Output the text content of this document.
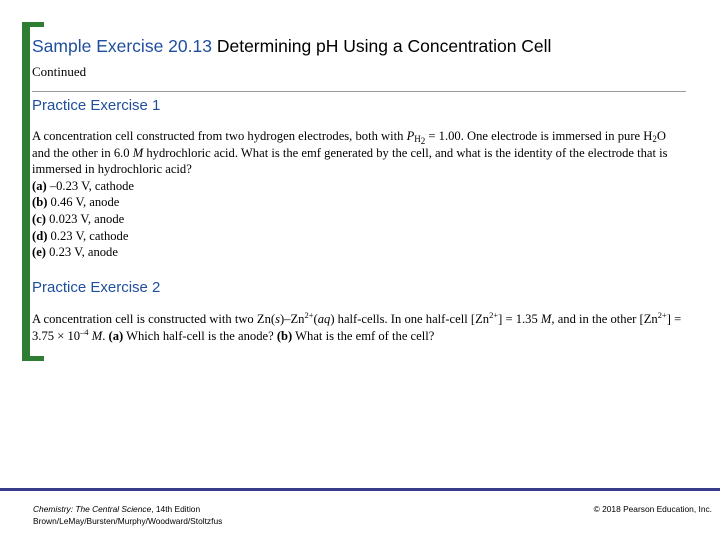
Sample Exercise 20.13 Determining pH Using a Concentration Cell
Continued
Practice Exercise 1

A concentration cell constructed from two hydrogen electrodes, both with $P_{H_2} = 1.00$. One electrode is immersed in pure $H_2O$ and the other in 6.0 M hydrochloric acid. What is the emf generated by the cell, and what is the identity of the electrode that is immersed in hydrochloric acid?

(a) –0.23 V, cathode

(b) 0.46 V, anode

(c) 0.023 V, anode

(d) 0.23 V, cathode

(e) 0.23 V, anode

Practice Exercise 2

A concentration cell is constructed with two $Zn(s)-Zn^{2+}(aq)$ half-cells. In one half-cell $[Zn^{2+}] = 1.35$ M, and in the other $[Zn^{2+}] = 3.75 \times 10^{-4}$ M. (a) Which half-cell is the anode? (b) What is the emf of the cell?

Chemistry: The Central Science, 14th Edition
Brown/LeMay/Bursten/Murphy/Woodward/Stoltzfus
© 2018 Pearson Education, Inc.
